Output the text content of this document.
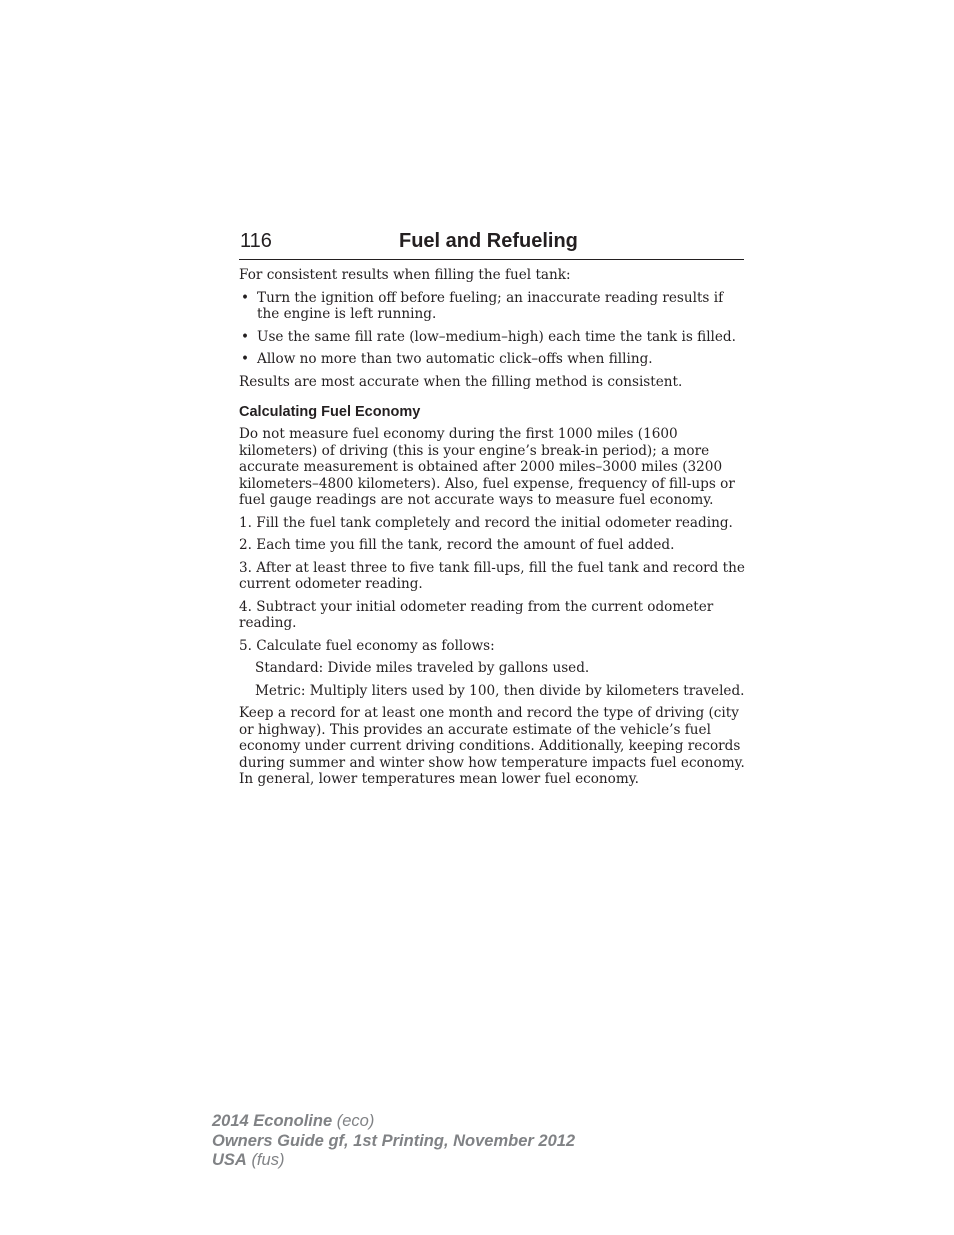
116	Fuel and Refueling

For consistent results when filling the fuel tank:

• Turn the ignition off before fueling; an inaccurate reading results if the engine is left running.
• Use the same fill rate (low–medium–high) each time the tank is filled.
• Allow no more than two automatic click–offs when filling.

Results are most accurate when the filling method is consistent.

Calculating Fuel Economy

Do not measure fuel economy during the first 1000 miles (1600 kilometers) of driving (this is your engine’s break-in period); a more accurate measurement is obtained after 2000 miles–3000 miles (3200 kilometers–4800 kilometers). Also, fuel expense, frequency of fill-ups or fuel gauge readings are not accurate ways to measure fuel economy.

1. Fill the fuel tank completely and record the initial odometer reading.

2. Each time you fill the tank, record the amount of fuel added.

3. After at least three to five tank fill-ups, fill the fuel tank and record the current odometer reading.

4. Subtract your initial odometer reading from the current odometer reading.

5. Calculate fuel economy as follows:

Standard: Divide miles traveled by gallons used.

Metric: Multiply liters used by 100, then divide by kilometers traveled.

Keep a record for at least one month and record the type of driving (city or highway). This provides an accurate estimate of the vehicle’s fuel economy under current driving conditions. Additionally, keeping records during summer and winter show how temperature impacts fuel economy. In general, lower temperatures mean lower fuel economy.

2014 Econoline (eco)
Owners Guide gf, 1st Printing, November 2012
USA (fus)
